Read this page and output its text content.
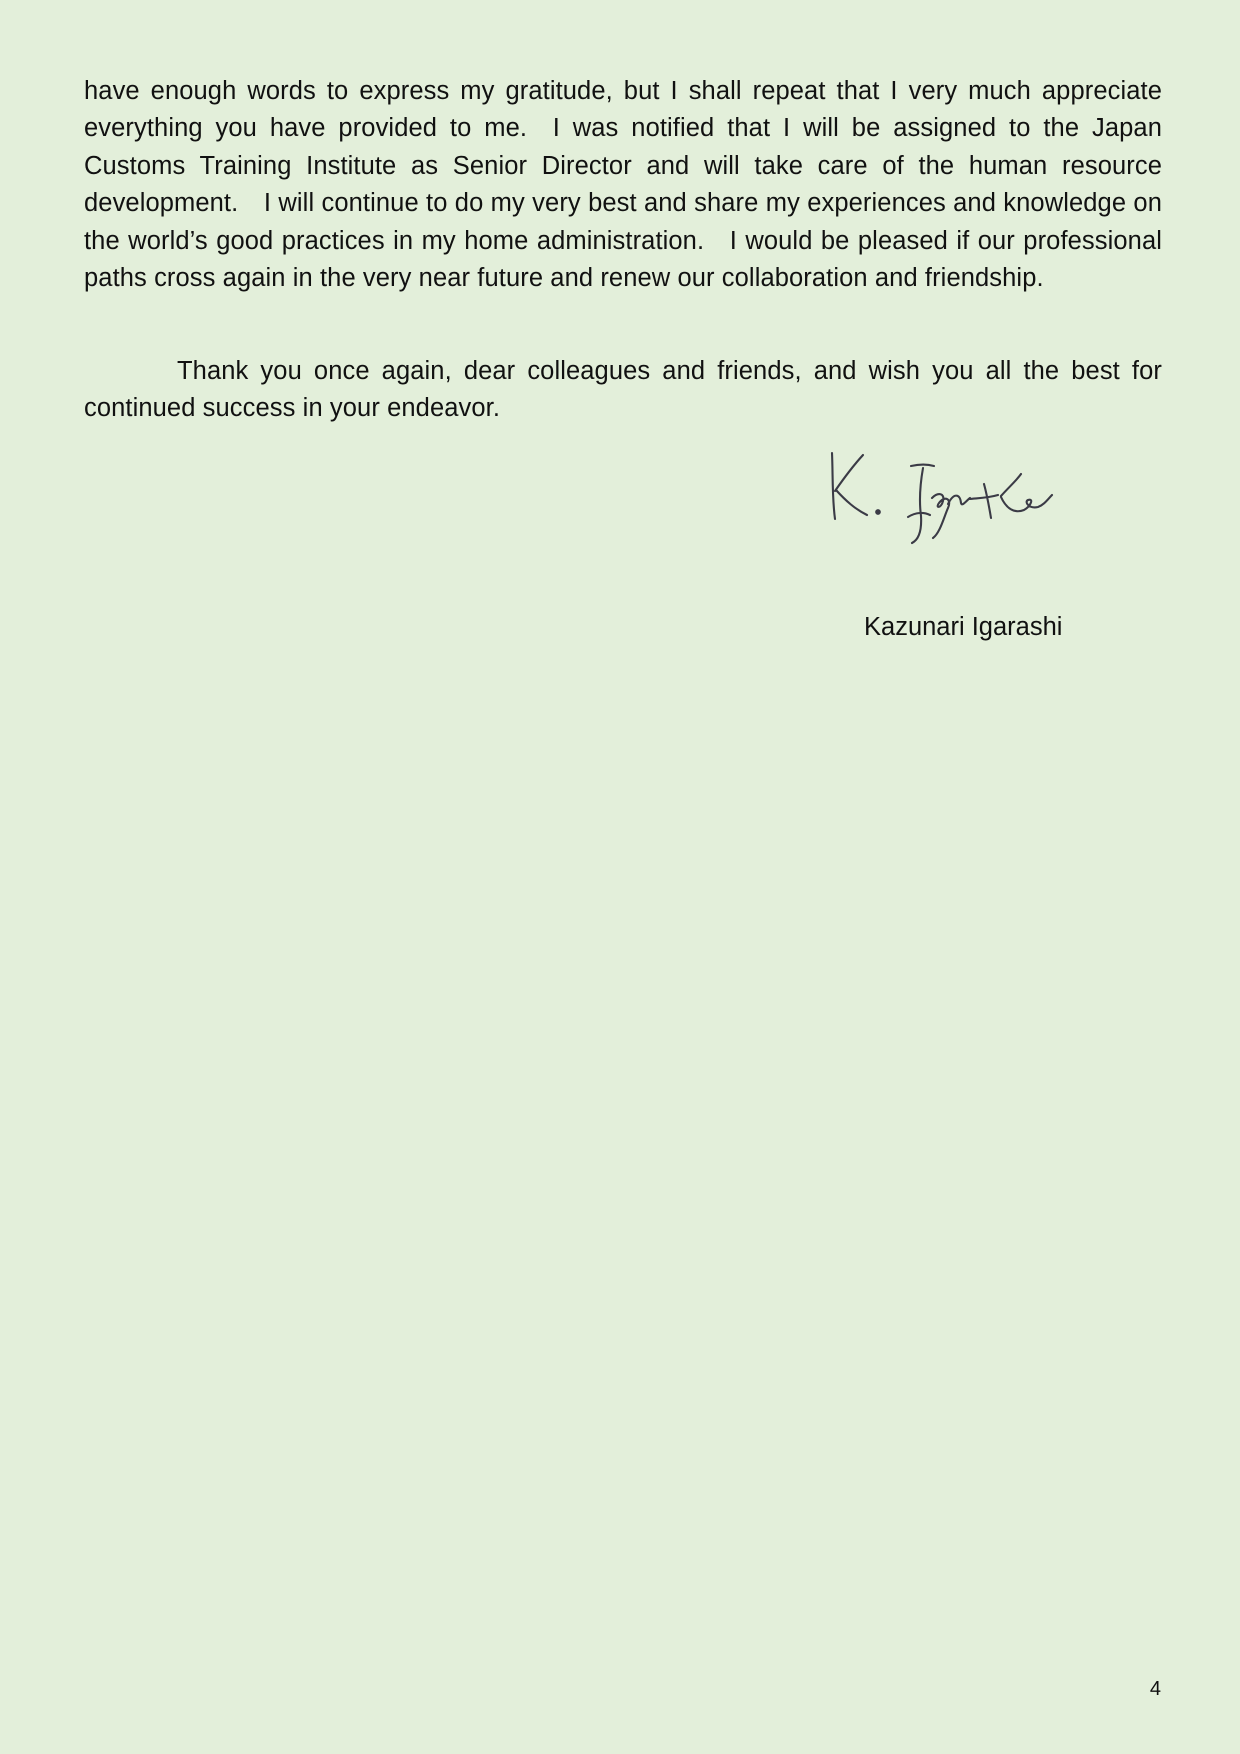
have enough words to express my gratitude, but I shall repeat that I very much appreciate everything you have provided to me. I was notified that I will be assigned to the Japan Customs Training Institute as Senior Director and will take care of the human resource development. I will continue to do my very best and share my experiences and knowledge on the world’s good practices in my home administration. I would be pleased if our professional paths cross again in the very near future and renew our collaboration and friendship.

Thank you once again, dear colleagues and friends, and wish you all the best for continued success in your endeavor.

Kazunari Igarashi
4
